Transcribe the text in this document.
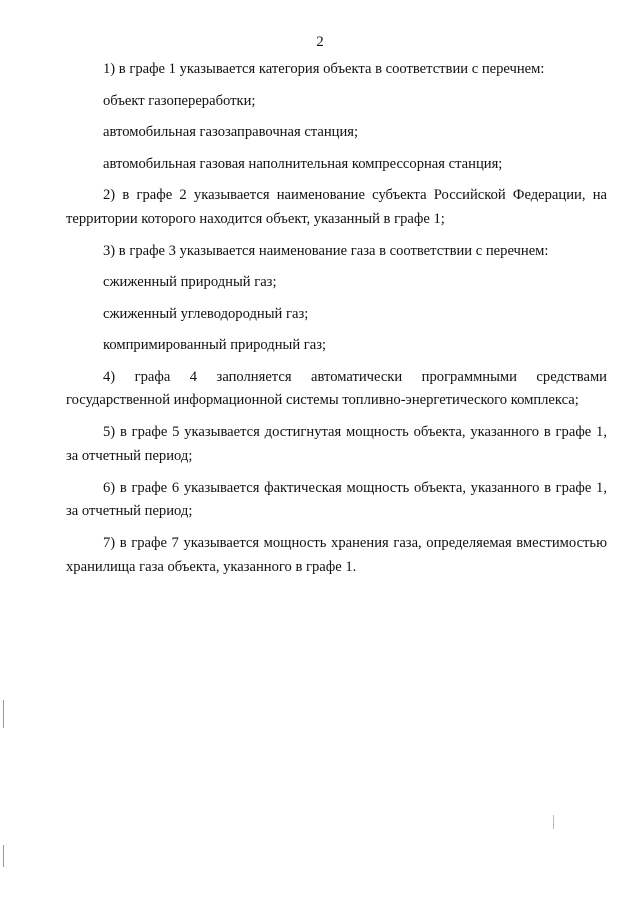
2

1) в графе 1 указывается категория объекта в соответствии с перечнем:

объект газопереработки;

автомобильная газозаправочная станция;

автомобильная газовая наполнительная компрессорная станция;

2) в графе 2 указывается наименование субъекта Российской Федерации, на территории которого находится объект, указанный в графе 1;

3) в графе 3 указывается наименование газа в соответствии с перечнем:

сжиженный природный газ;

сжиженный углеводородный газ;

компримированный природный газ;

4) графа 4 заполняется автоматически программными средствами государственной информационной системы топливно-энергетического комплекса;

5) в графе 5 указывается достигнутая мощность объекта, указанного в графе 1, за отчетный период;

6) в графе 6 указывается фактическая мощность объекта, указанного в графе 1, за отчетный период;

7) в графе 7 указывается мощность хранения газа, определяемая вместимостью хранилища газа объекта, указанного в графе 1.
